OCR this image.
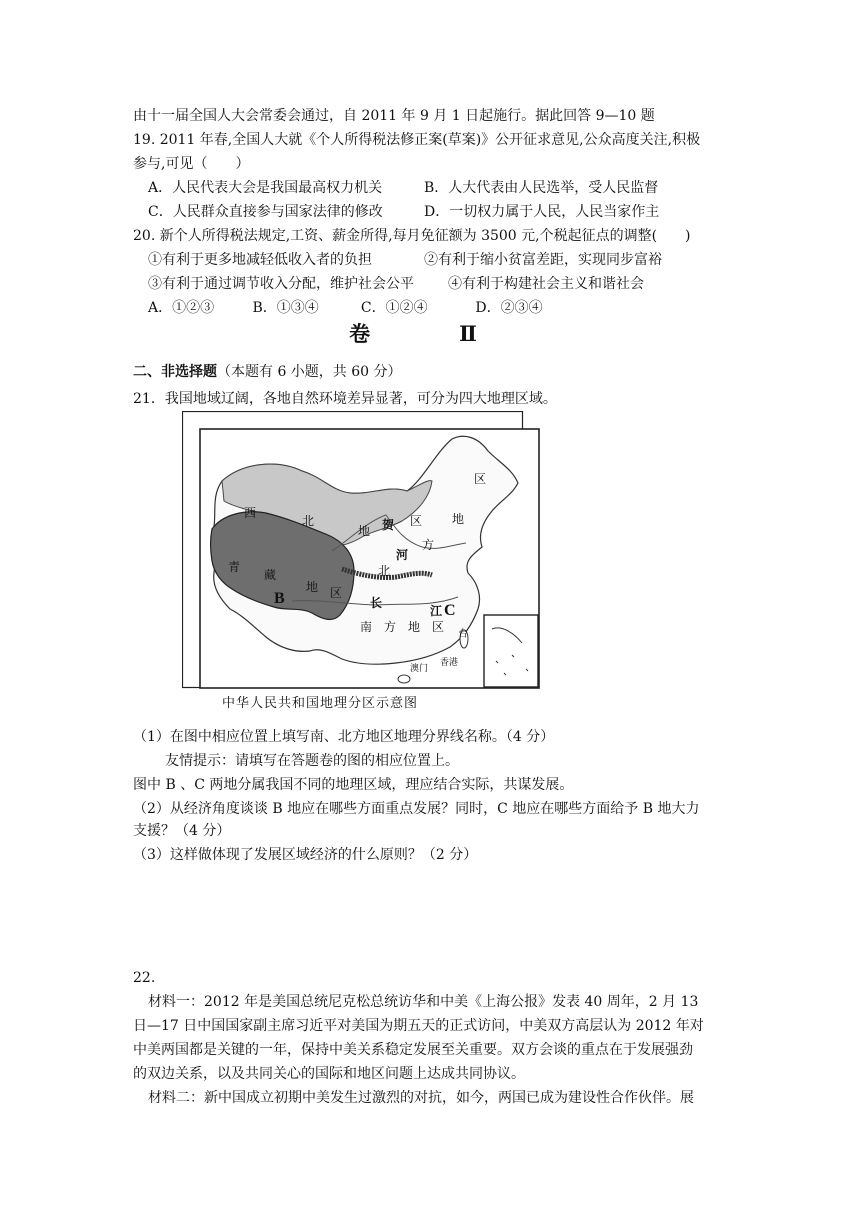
由十一届全国人大会常委会通过，自 2011 年 9 月 1 日起施行。据此回答 9—10 题
19. 2011 年春,全国人大就《个人所得税法修正案(草案)》公开征求意见,公众高度关注,积极
参与,可见（　　）
A．人民代表大会是我国最高权力机关	B．人大代表由人民选举，受人民监督
C．人民群众直接参与国家法律的修改	D．一切权力属于人民，人民当家作主
20. 新个人所得税法规定,工资、薪金所得,每月免征额为 3500 元,个税起征点的调整(　　)
①有利于更多地减轻低收入者的负担	②有利于缩小贫富差距，实现同步富裕
③有利于通过调节收入分配，维护社会公平 ④有利于构建社会主义和谐社会
A．①②③	B．①③④	C．①②④	D．②③④
卷　Ⅱ
二、非选择题（本题有 6 小题，共 60 分）
21．我国地域辽阔，各地自然环境差异显著，可分为四大地理区域。
西
北
地
区
贺
区
地
方
河
北
青
藏
地 区
长
江
南　方　地　区
台
香港
澳门
B
C
中华人民共和国地理分区示意图
（1）在图中相应位置上填写南、北方地区地理分界线名称。（4 分）
友情提示：请填写在答题卷的图的相应位置上。
图中 B 、C 两地分属我国不同的地理区域，理应结合实际，共谋发展。
（2）从经济角度谈谈 B 地应在哪些方面重点发展？同时，C 地应在哪些方面给予 B 地大力
支援？（4 分）
（3）这样做体现了发展区域经济的什么原则？（2 分）
22.
材料一：2012 年是美国总统尼克松总统访华和中美《上海公报》发表 40 周年，2 月 13
日—17 日中国国家副主席习近平对美国为期五天的正式访问，中美双方高层认为 2012 年对
中美两国都是关键的一年，保持中美关系稳定发展至关重要。双方会谈的重点在于发展强劲
的双边关系，以及共同关心的国际和地区问题上达成共同协议。
材料二：新中国成立初期中美发生过激烈的对抗，如今，两国已成为建设性合作伙伴。展
